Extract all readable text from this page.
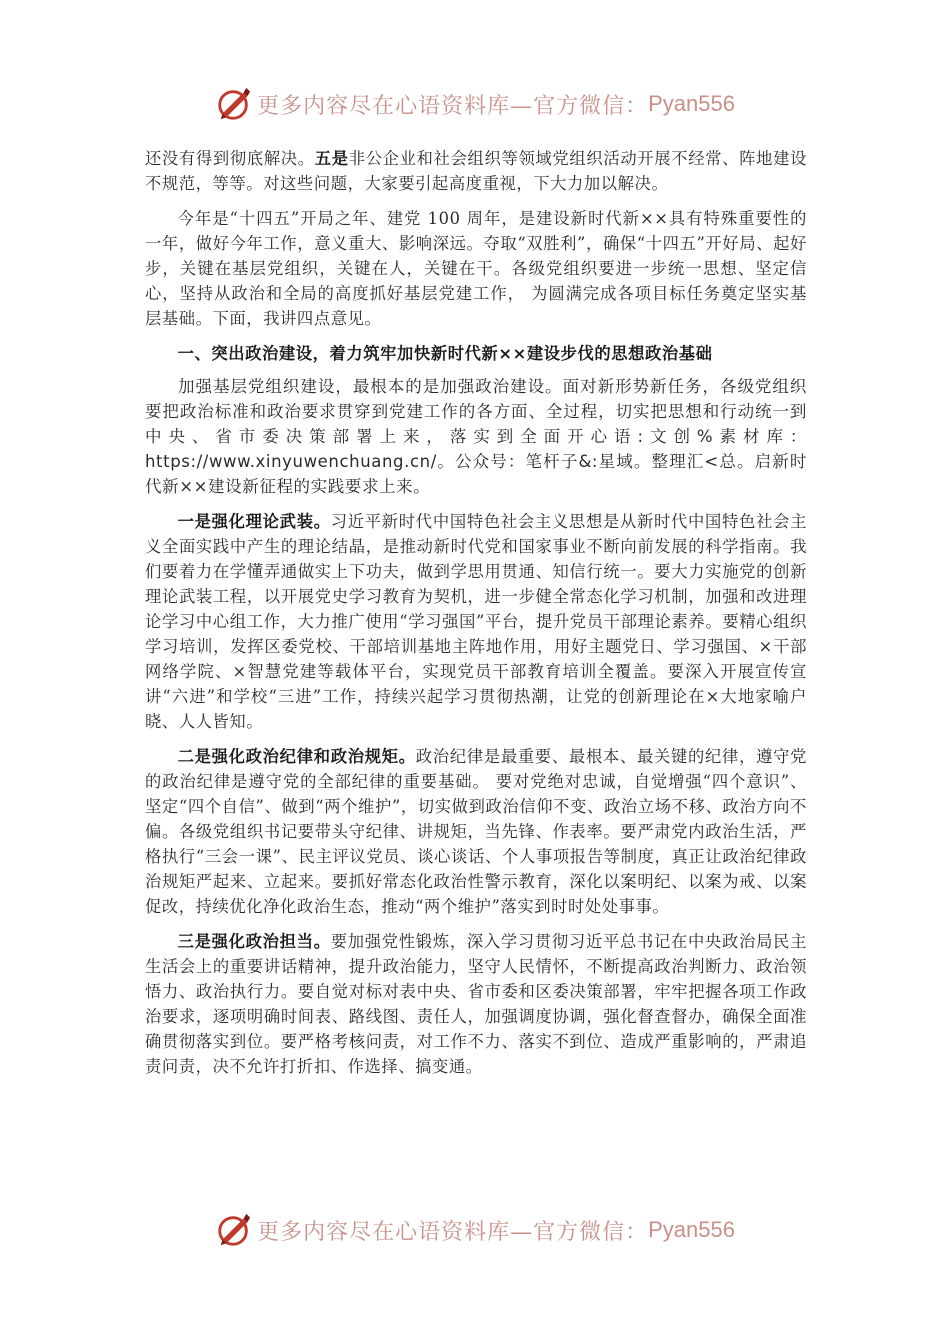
更多内容尽在心语资料库—官方微信： Pyan556

还没有得到彻底解决。五是非公企业和社会组织等领域党组织活动开展不经常、阵地建设不规范，等等。对这些问题，大家要引起高度重视，下大力加以解决。

今年是“十四五”开局之年、建党 100 周年，是建设新时代新××具有特殊重要性的一年，做好今年工作，意义重大、影响深远。夺取“双胜利”，确保“十四五”开好局、起好步，关键在基层党组织，关键在人，关键在干。各级党组织要进一步统一思想、坚定信心，坚持从政治和全局的高度抓好基层党建工作， 为圆满完成各项目标任务奠定坚实基层基础。下面，我讲四点意见。

一、突出政治建设，着力筑牢加快新时代新××建设步伐的思想政治基础

加强基层党组织建设，最根本的是加强政治建设。面对新形势新任务，各级党组织要把政治标准和政治要求贯穿到党建工作的各方面、全过程，切实把思想和行动统一到中央、省市委决策部署上来，落实到全面开心语:文创%素材库：https://www.xinyuwenchuang.cn/。公众号：笔杆子&:星域。整理汇<总。启新时代新××建设新征程的实践要求上来。

一是强化理论武装。习近平新时代中国特色社会主义思想是从新时代中国特色社会主义全面实践中产生的理论结晶，是推动新时代党和国家事业不断向前发展的科学指南。我们要着力在学懂弄通做实上下功夫，做到学思用贯通、知信行统一。要大力实施党的创新理论武装工程，以开展党史学习教育为契机，进一步健全常态化学习机制，加强和改进理论学习中心组工作，大力推广使用“学习强国”平台，提升党员干部理论素养。要精心组织学习培训，发挥区委党校、干部培训基地主阵地作用，用好主题党日、学习强国、×干部网络学院、×智慧党建等载体平台，实现党员干部教育培训全覆盖。要深入开展宣传宣讲“六进”和学校“三进”工作，持续兴起学习贯彻热潮，让党的创新理论在×大地家喻户晓、人人皆知。

二是强化政治纪律和政治规矩。政治纪律是最重要、最根本、最关键的纪律，遵守党的政治纪律是遵守党的全部纪律的重要基础。 要对党绝对忠诚，自觉增强“四个意识”、坚定“四个自信”、做到“两个维护”，切实做到政治信仰不变、政治立场不移、政治方向不偏。各级党组织书记要带头守纪律、讲规矩，当先锋、作表率。要严肃党内政治生活，严格执行“三会一课”、民主评议党员、谈心谈话、个人事项报告等制度，真正让政治纪律政治规矩严起来、立起来。要抓好常态化政治性警示教育，深化以案明纪、以案为戒、以案促改，持续优化净化政治生态，推动“两个维护”落实到时时处处事事。

三是强化政治担当。要加强党性锻炼，深入学习贯彻习近平总书记在中央政治局民主生活会上的重要讲话精神，提升政治能力，坚守人民情怀，不断提高政治判断力、政治领悟力、政治执行力。要自觉对标对表中央、省市委和区委决策部署，牢牢把握各项工作政治要求，逐项明确时间表、路线图、责任人，加强调度协调，强化督查督办，确保全面准确贯彻落实到位。要严格考核问责，对工作不力、落实不到位、造成严重影响的，严肃追责问责，决不允许打折扣、作选择、搞变通。

更多内容尽在心语资料库—官方微信： Pyan556
